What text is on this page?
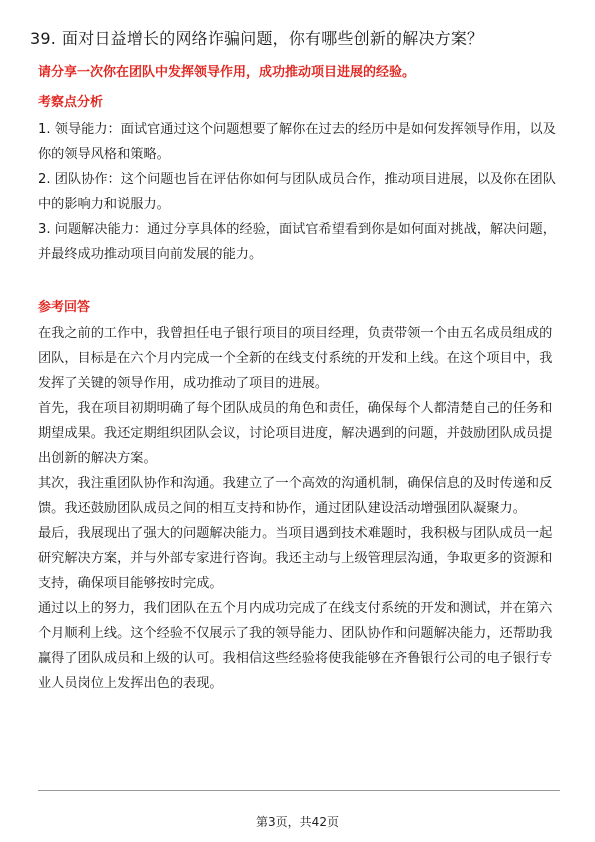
39. 面对日益增长的网络诈骗问题，你有哪些创新的解决方案？
请分享一次你在团队中发挥领导作用，成功推动项目进展的经验。
考察点分析

1. 领导能力：面试官通过这个问题想要了解你在过去的经历中是如何发挥领导作用，以及你的领导风格和策略。

2. 团队协作：这个问题也旨在评估你如何与团队成员合作，推动项目进展，以及你在团队中的影响力和说服力。

3. 问题解决能力：通过分享具体的经验，面试官希望看到你是如何面对挑战，解决问题，并最终成功推动项目向前发展的能力。

参考回答

在我之前的工作中，我曾担任电子银行项目的项目经理，负责带领一个由五名成员组成的团队，目标是在六个月内完成一个全新的在线支付系统的开发和上线。在这个项目中，我发挥了关键的领导作用，成功推动了项目的进展。

首先，我在项目初期明确了每个团队成员的角色和责任，确保每个人都清楚自己的任务和期望成果。我还定期组织团队会议，讨论项目进度，解决遇到的问题，并鼓励团队成员提出创新的解决方案。

其次，我注重团队协作和沟通。我建立了一个高效的沟通机制，确保信息的及时传递和反馈。我还鼓励团队成员之间的相互支持和协作，通过团队建设活动增强团队凝聚力。

最后，我展现出了强大的问题解决能力。当项目遇到技术难题时，我积极与团队成员一起研究解决方案，并与外部专家进行咨询。我还主动与上级管理层沟通，争取更多的资源和支持，确保项目能够按时完成。

通过以上的努力，我们团队在五个月内成功完成了在线支付系统的开发和测试，并在第六个月顺利上线。这个经验不仅展示了我的领导能力、团队协作和问题解决能力，还帮助我赢得了团队成员和上级的认可。我相信这些经验将使我能够在齐鲁银行公司的电子银行专业人员岗位上发挥出色的表现。

第3页，共42页
